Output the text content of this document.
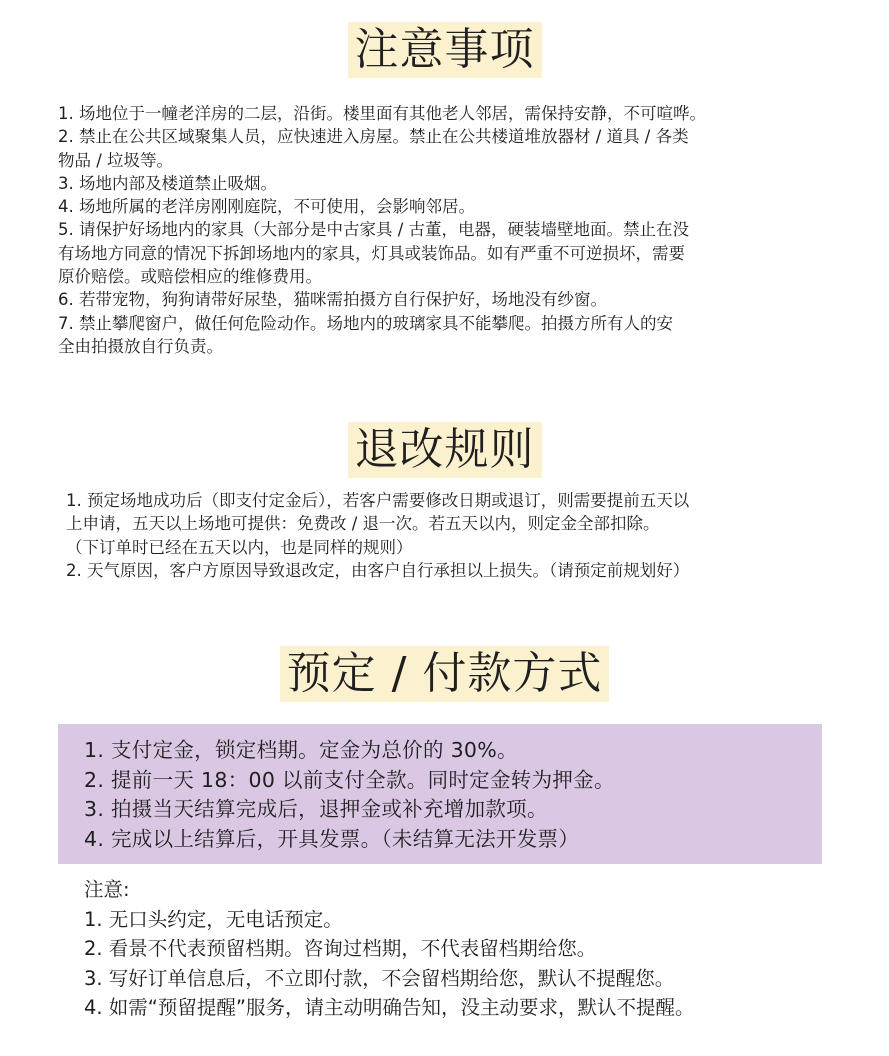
注意事项
1. 场地位于一幢老洋房的二层，沿街。楼里面有其他老人邻居，需保持安静，不可喧哗。
2. 禁止在公共区域聚集人员，应快速进入房屋。禁止在公共楼道堆放器材 / 道具 / 各类
物品 / 垃圾等。
3. 场地内部及楼道禁止吸烟。
4. 场地所属的老洋房刚刚庭院，不可使用，会影响邻居。
5. 请保护好场地内的家具（大部分是中古家具 / 古董，电器，硬装墙壁地面。禁止在没
有场地方同意的情况下拆卸场地内的家具，灯具或装饰品。如有严重不可逆损坏，需要
原价赔偿。或赔偿相应的维修费用。
6. 若带宠物，狗狗请带好尿垫，猫咪需拍摄方自行保护好，场地没有纱窗。
7. 禁止攀爬窗户，做任何危险动作。场地内的玻璃家具不能攀爬。拍摄方所有人的安
全由拍摄放自行负责。
退改规则
1. 预定场地成功后（即支付定金后），若客户需要修改日期或退订，则需要提前五天以
上申请，五天以上场地可提供：免费改 / 退一次。若五天以内，则定金全部扣除。
（下订单时已经在五天以内，也是同样的规则）
2. 天气原因，客户方原因导致退改定，由客户自行承担以上损失。（请预定前规划好）
预定 / 付款方式
1. 支付定金，锁定档期。定金为总价的 30%。
2. 提前一天 18：00 以前支付全款。同时定金转为押金。
3. 拍摄当天结算完成后，退押金或补充增加款项。
4. 完成以上结算后，开具发票。（未结算无法开发票）
注意:
1. 无口头约定，无电话预定。
2. 看景不代表预留档期。咨询过档期，不代表留档期给您。
3. 写好订单信息后，不立即付款，不会留档期给您，默认不提醒您。
4. 如需“预留提醒”服务，请主动明确告知，没主动要求，默认不提醒。
